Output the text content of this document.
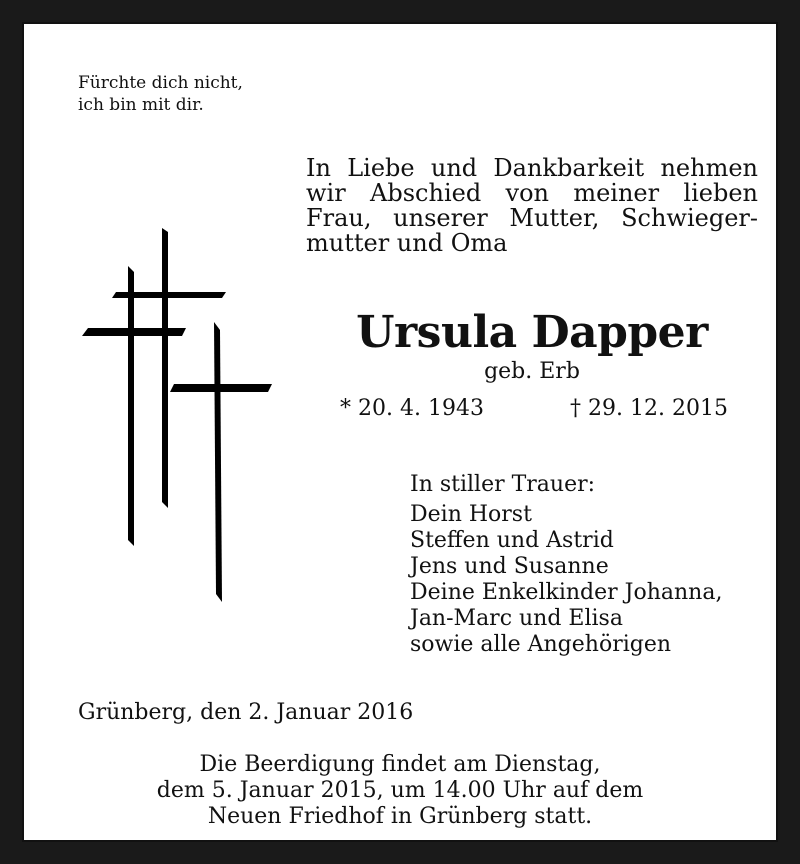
Fürchte dich nicht,
ich bin mit dir.
In Liebe und Dankbarkeit nehmen
wir Abschied von meiner lieben
Frau, unserer Mutter, Schwieger-
mutter und Oma
Ursula Dapper
geb. Erb
* 20. 4. 1943	† 29. 12. 2015
In stiller Trauer:
Dein Horst
Steffen und Astrid
Jens und Susanne
Deine Enkelkinder Johanna,
Jan-Marc und Elisa
sowie alle Angehörigen
Grünberg, den 2. Januar 2016
Die Beerdigung findet am Dienstag,
dem 5. Januar 2015, um 14.00 Uhr auf dem
Neuen Friedhof in Grünberg statt.
